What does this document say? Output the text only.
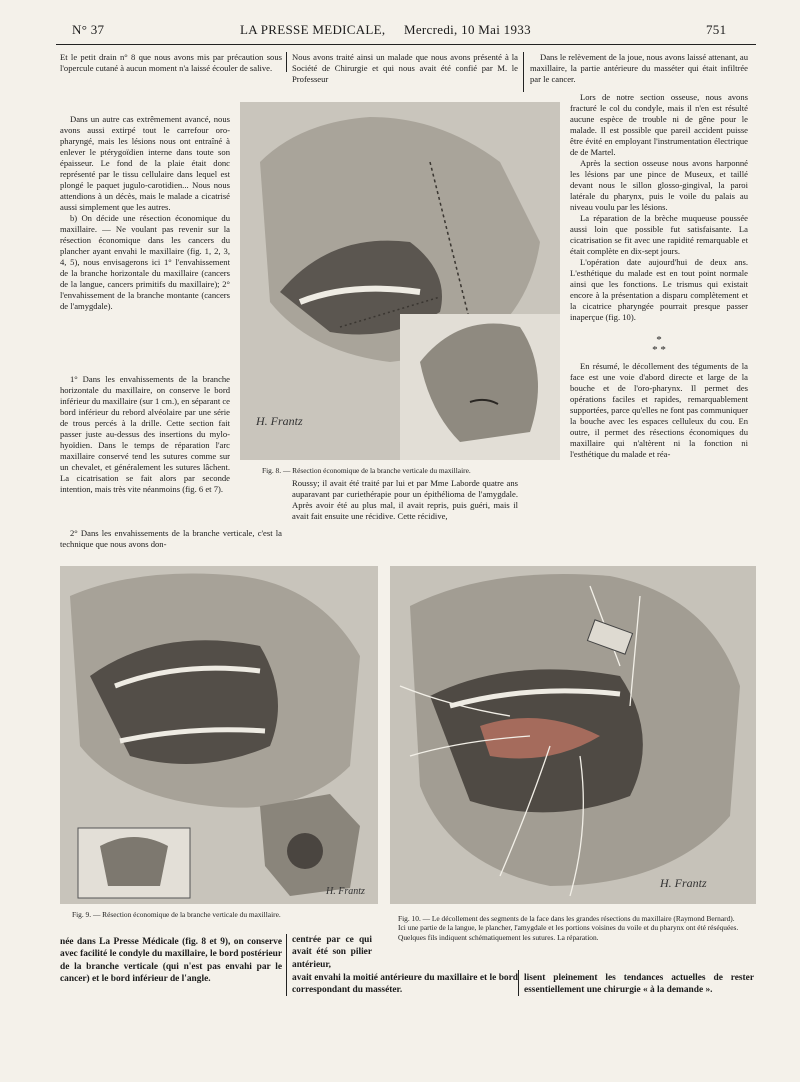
N° 37	LA PRESSE MEDICALE, Mercredi, 10 Mai 1933	751

Et le petit drain n° 8 que nous avons mis par précaution sous l'opercule cutané à aucun moment n'a laissé écouler de salive.

Dans un autre cas extrêmement avancé, nous avons aussi extirpé tout le carrefour oro-pharyngé, mais les lésions nous ont entraîné à enlever le ptérygoïdien interne dans toute son épaisseur. Le fond de la plaie était donc représenté par le tissu cellulaire dans lequel est plongé le paquet jugulo-carotidien... Nous nous attendions à un décès, mais le malade a cicatrisé aussi simplement que les autres.

b) On décide une résection économique du maxillaire. — Ne voulant pas revenir sur la résection économique dans les cancers du plancher ayant envahi le maxillaire (fig. 1, 2, 3, 4, 5), nous envisagerons ici 1° l'envahissement de la branche horizontale du maxillaire (cancers de la langue, cancers primitifs du maxillaire); 2° l'envahissement de la branche montante (cancers de l'amygdale).

1° Dans les envahissements de la branche horizontale du maxillaire, on conserve le bord inférieur du maxillaire (sur 1 cm.), en séparant ce bord inférieur du rebord alvéolaire par une série de trous percés à la drille. Cette section fait passer juste au-dessus des insertions du mylo-hyoïdien. Dans le temps de réparation l'arc maxillaire conservé tend les sutures comme sur un chevalet, et généralement les sutures lâchent. La cicatrisation se fait alors par seconde intention, mais très vite néanmoins (fig. 6 et 7).

2° Dans les envahissements de la branche verticale, c'est la technique que nous avons don-

Nous avons traité ainsi un malade que nous avons présenté à la Société de Chirurgie et qui nous avait été confié par M. le Professeur

Dans le relèvement de la joue, nous avons laissé attenant, au maxillaire, la partie antérieure du masséter qui était infiltrée par le cancer.

Lors de notre section osseuse, nous avons fracturé le col du condyle, mais il n'en est résulté aucune espèce de trouble ni de gêne pour le malade. Il est possible que pareil accident puisse être évité en employant l'instrumentation électrique de de Martel.

Après la section osseuse nous avons harponné les lésions par une pince de Museux, et taillé devant nous le sillon glosso-gingival, la paroi latérale du pharynx, puis le voile du palais au niveau voulu par les lésions.

La réparation de la brèche muqueuse poussée aussi loin que possible fut satisfaisante. La cicatrisation se fit avec une rapidité remarquable et était complète en dix-sept jours.

L'opération date aujourd'hui de deux ans. L'esthétique du malade est en tout point normale ainsi que les fonctions. Le trismus qui existait encore à la présentation a disparu complètement et la cicatrice pharyngée pourrait presque passer inaperçue (fig. 10).

*
* *

En résumé, le décollement des téguments de la face est une voie d'abord directe et large de la bouche et de l'oro-pharynx. Il permet des opérations faciles et rapides, remarquablement supportées, parce qu'elles ne font pas communiquer la bouche avec les espaces celluleux du cou. En outre, il permet des résections économiques du maxillaire qui n'altèrent ni la fonction ni l'esthétique du malade et réa-

H. Frantz
Fig. 8. — Résection économique de la branche verticale du maxillaire.
Roussy; il avait été traité par lui et par Mme Laborde quatre ans auparavant par curiethérapie pour un épithélioma de l'amygdale. Après avoir été au plus mal, il avait repris, puis guéri, mais il avait fait ensuite une récidive. Cette récidive,
H. Frantz
Fig. 9. — Résection économique de la branche verticale du maxillaire.
H. Frantz
Fig. 10. — Le décollement des segments de la face dans les grandes résections du maxillaire (Raymond Bernard). Ici une partie de la langue, le plancher, l'amygdale et les portions voisines du voile et du pharynx ont été réséquées. Quelques fils indiquent schématiquement les sutures. La réparation.
née dans La Presse Médicale (fig. 8 et 9), on conserve avec facilité le condyle du maxillaire, le bord postérieur de la branche verticale (qui n'est pas envahi par le cancer) et le bord inférieur de l'angle.
centrée par ce qui avait été son pilier antérieur,
avait envahi la moitié antérieure du maxillaire et le bord correspondant du masséter.
lisent pleinement les tendances actuelles de rester essentiellement une chirurgie « à la demande ».
